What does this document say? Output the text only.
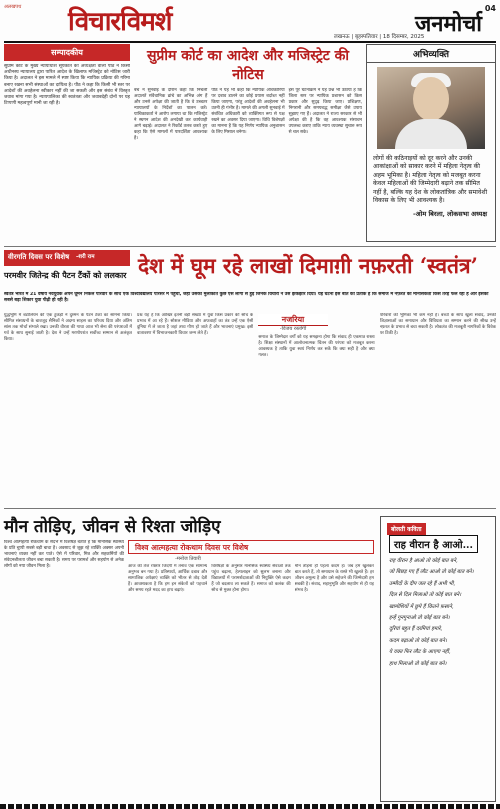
अलखपथ विचारविमर्श	जनमोर्चा
लखनऊ | बृहस्पतिवार | 18 दिसम्बर, 2025
04
सम्पादकीय
सुप्रीम कोर्ट के मुख्य न्यायाधीश सूर्यकांत की अध्यक्षता वाली पीठ ने किसी अधीनस्थ न्यायालय द्वारा पारित आदेश के खिलाफ मजिस्ट्रेट को नोटिस जारी किया है। अदालत ने इस मामले में स्पष्ट किया कि न्यायिक प्रक्रिया की गरिमा बनाए रखना सभी संस्थाओं का दायित्व है। पीठ ने कहा कि किसी भी स्तर पर आदेशों की अवहेलना स्वीकार नहीं की जा सकती और इस संबंध में विस्तृत जवाब मांगा गया है। न्यायपालिका की स्वतंत्रता और जवाबदेही दोनों पर यह टिप्पणी महत्वपूर्ण मानी जा रही है।
सुप्रीम कोर्ट का आदेश और मजिस्ट्रेट की नोटिस

बेंच ने सुनवाई के दौरान कहा कि निचली अदालतें संवैधानिक ढांचे का अभिन्न अंग हैं और उनसे अपेक्षा की जाती है कि वे उच्चतर न्यायालयों के निर्देशों का पालन करें। याचिकाकर्ता ने आरोप लगाया था कि मजिस्ट्रेट ने स्थगन आदेश की अनदेखी कर कार्यवाही आगे बढ़ाई। अदालत ने रिकॉर्ड तलब करते हुए कहा कि ऐसे मामलों में पारदर्शिता आवश्यक है।

पीठ ने यह भी कहा कि न्यायिक अधिकारियों पर दबाव डालने का कोई प्रयास बर्दाश्त नहीं किया जाएगा, परंतु आदेशों की अवहेलना भी उतनी ही गंभीर है। मामले की अगली सुनवाई में संबंधित अधिकारी को व्यक्तिगत रूप से पक्ष रखने का अवसर दिया जाएगा। विधि विशेषज्ञों का मानना है कि यह निर्णय न्यायिक अनुशासन के लिए मिसाल बनेगा।

इस पूरे घटनाक्रम ने यह प्रश्न भी उठाया है कि जिला स्तर पर न्यायिक प्रशासन को किस प्रकार और सुदृढ़ किया जाए। प्रशिक्षण, निगरानी और समयबद्ध समीक्षा जैसे उपाय सुझाए गए हैं। अदालत ने राज्य सरकार से भी अपेक्षा की है कि वह आवश्यक संसाधन उपलब्ध कराए ताकि न्याय व्यवस्था सुचारु रूप से चल सके।

अभिव्यक्ति
लोगों की कठिनाइयों को दूर करने और उनकी आकांक्षाओं को साकार करने में महिला नेतृत्व की अहम भूमिका है। महिला नेतृत्व को मजबूत करना केवल महिलाओं की जिम्मेदारी बढ़ाने तक सीमित नहीं है, बल्कि यह देश के लोकतांत्रिक और समावेशी विकास के लिए भी आवश्यक है।
-ओम बिरला, लोकसभा अध्यक्ष
वीरगति दिवस पर विशेष -शरी राम
परमवीर जितेन्द्र की पैटन टैंकों को ललकार देश में घूम रहे लाखों दिमाग़ी नफ़रती ‘स्वतंत्र’
स्वतंत्र भारत में 21 वर्षीय नवयुवक अपने घूमने निकले परिवार के साथ एक विश्वविद्यालय परिसर में पहुंचा, जहां उसकी मुलाकात कुछ ऐसे लोगों से हुई जिनके विचारों ने उसे झकझोर दिया। यह घटना इस बात का प्रतीक है कि समाज में नफ़रत की मानसिकता किस तरह फैल रही है और इसका सबसे बड़ा शिकार युवा पीढ़ी हो रही है।
युद्धभूमि में बटालियन की एक टुकड़ी ने दुश्मन के पैटन टैंकों का सामना किया। सीमित संसाधनों के बावजूद सैनिकों ने अदम्य साहस का परिचय दिया और अंतिम सांस तक मोर्चा संभाले रखा। उनकी वीरता की गाथा आज भी सेना की परंपराओं में गर्व के साथ सुनाई जाती है। देश ने उन्हें मरणोपरांत सर्वोच्च सम्मान से अलंकृत किया।
प्रश्न यह है कि आखिर इतनी बड़ी संख्या में युवा किस प्रकार की सोच के प्रभाव में आ रहे हैं। सोशल मीडिया और अफवाहों का तंत्र उन्हें एक ऐसी दुनिया में ले जाता है जहां तथ्य गौण हो जाते हैं और भावनाएं प्रमुख। इसी वातावरण में विभाजनकारी विचार जन्म लेते हैं।
समाज के जिम्मेदार वर्गों को यह समझना होगा कि संवाद ही एकमात्र रास्ता है। शिक्षा संस्थानों में आलोचनात्मक चिंतन की परंपरा को मजबूत करना आवश्यक है ताकि युवा स्वयं निर्णय कर सकें कि क्या सही है और क्या गलत।
परिवारों की भूमिका भी कम नहीं है। बच्चों के साथ खुला संवाद, उनकी जिज्ञासाओं का समाधान और विविधता का सम्मान करने की सीख उन्हें नफ़रत के प्रभाव से बचा सकती है। लोकतंत्र की मजबूती नागरिकों के विवेक पर टिकी है।
नजरिया
-विजय रस्तोगी
मौन तोड़िए, जीवन से रिश्ता जोड़िए
विश्व आत्महत्या रोकथाम के संदर्भ में विशेषज्ञ बताते हैं कि मानसिक स्वास्थ्य के प्रति चुप्पी सबसे बड़ी बाधा है। अवसाद से जूझ रहे व्यक्ति अक्सर अपनी भावनाएं व्यक्त नहीं कर पाते। ऐसे में परिवार, मित्र और सहकर्मियों की संवेदनशीलता जीवन बचा सकती है। समय पर परामर्श और सहयोग से अनेक लोगों को नया जीवन मिला है।
विश्व आत्महत्या रोकथाम दिवस पर विशेष
-मनोज तिवारी

आज की तेज रफ्तार जिंदगी में तनाव एक सामान्य अनुभव बन गया है। प्रतिस्पर्धा, आर्थिक दबाव और सामाजिक अपेक्षाएं व्यक्ति को भीतर से तोड़ देती हैं। आवश्यकता है कि हम इन संकेतों को पहचानें और समय रहते मदद का हाथ बढ़ाएं।

विशेषज्ञों के अनुसार मानसिक स्वास्थ्य सेवाओं तक पहुंच बढ़ाना, हेल्पलाइन को सुलभ बनाना और विद्यालयों में परामर्शदाताओं की नियुक्ति ऐसे कदम हैं जो बदलाव ला सकते हैं। समाज को कलंक की सोच से मुक्त होना होगा।

मौन तोड़ना ही पहला कदम है। जब हम खुलकर बात करते हैं, तो समाधान के रास्ते भी खुलते हैं। हर जीवन अमूल्य है और उसे सहेजने की जिम्मेदारी हम सबकी है। संवाद, सहानुभूति और सहयोग से ही यह संभव है।

बोलती कविता
राह वीरान है आओ...
राह वीरान है आओ तो कोई बात बने,
जो बिछड़ गए हैं लौट आओ तो कोई बात बने।
उम्मीदों के दीप जल रहे हैं अभी भी,
दिल से दिल मिलाओ तो कोई बात बने।
खामोशियों में छुपे हैं कितने फ़साने,
इन्हें गुनगुनाओ तो कोई बात बने।
दूरियां बहुत हैं दरमियां हमारे,
कदम बढ़ाओ तो कोई बात बने।
ये वक्त फिर लौट के आएगा नहीं,
हाथ मिलाओ तो कोई बात बने।
